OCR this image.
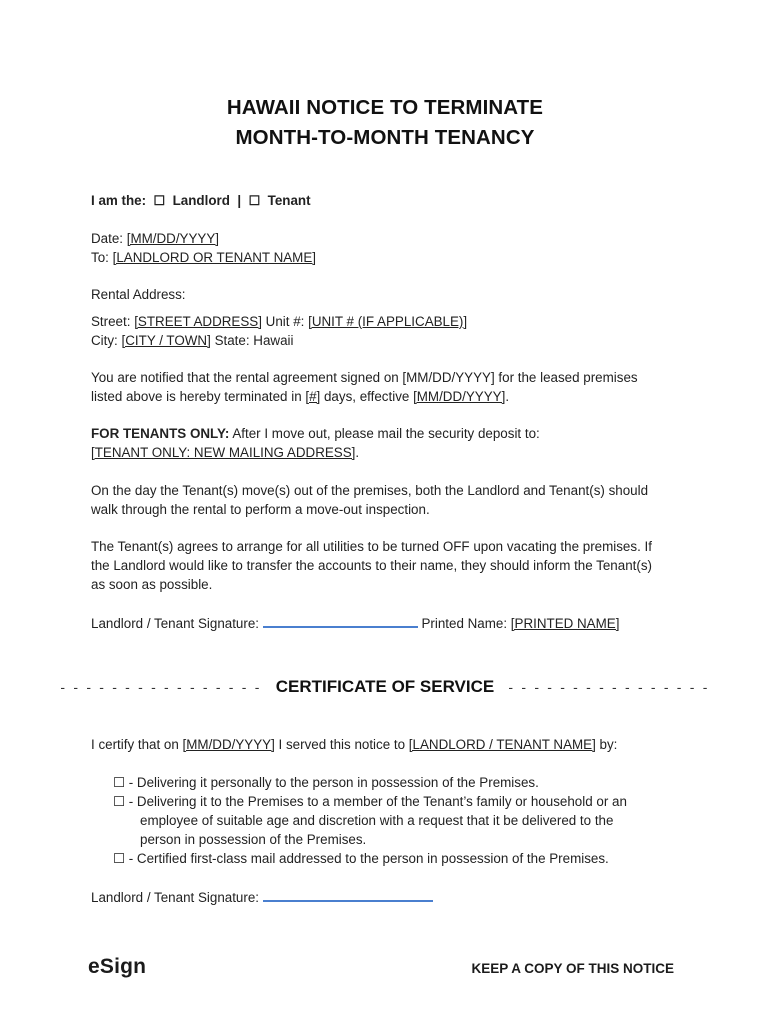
HAWAII NOTICE TO TERMINATE
MONTH-TO-MONTH TENANCY
I am the: ☐ Landlord | ☐ Tenant
Date: [MM/DD/YYYY]
To: [LANDLORD OR TENANT NAME]
Rental Address:
Street: [STREET ADDRESS] Unit #: [UNIT # (IF APPLICABLE)]
City: [CITY / TOWN] State: Hawaii
You are notified that the rental agreement signed on [MM/DD/YYYY] for the leased premises
listed above is hereby terminated in [#] days, effective [MM/DD/YYYY].
FOR TENANTS ONLY: After I move out, please mail the security deposit to:
[TENANT ONLY: NEW MAILING ADDRESS].
On the day the Tenant(s) move(s) out of the premises, both the Landlord and Tenant(s) should
walk through the rental to perform a move-out inspection.
The Tenant(s) agrees to arrange for all utilities to be turned OFF upon vacating the premises. If
the Landlord would like to transfer the accounts to their name, they should inform the Tenant(s)
as soon as possible.
Landlord / Tenant Signature:	Printed Name: [PRINTED NAME]
- - - - - - - - - - - - - - - - CERTIFICATE OF SERVICE - - - - - - - - - - - - - - - -
I certify that on [MM/DD/YYYY] I served this notice to [LANDLORD / TENANT NAME] by:
☐ - Delivering it personally to the person in possession of the Premises.
☐ - Delivering it to the Premises to a member of the Tenant’s family or household or an
employee of suitable age and discretion with a request that it be delivered to the
person in possession of the Premises.
☐ - Certified first-class mail addressed to the person in possession of the Premises.
Landlord / Tenant Signature:
eSign	KEEP A COPY OF THIS NOTICE
